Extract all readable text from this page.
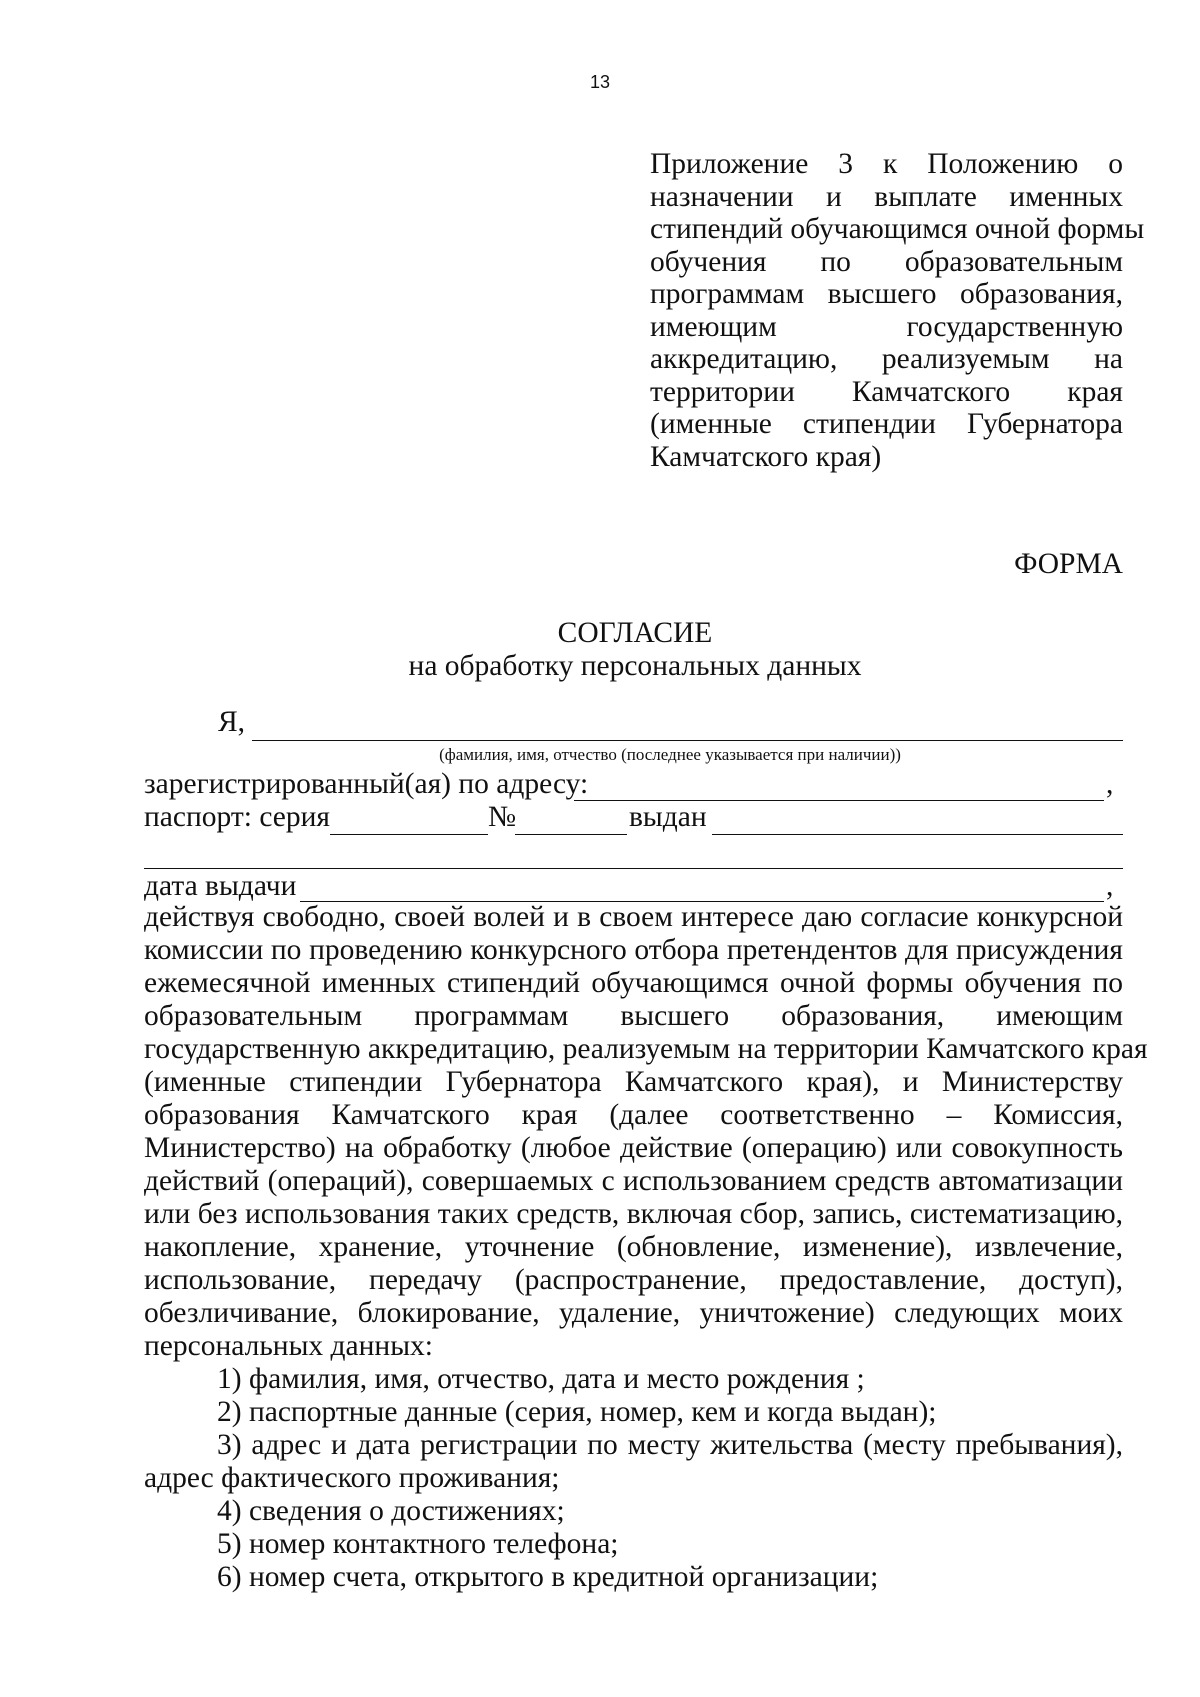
13
Приложение 3 к Положению о
назначении и выплате именных
стипендий обучающимся очной формы
обучения по образовательным
программам высшего образования,
имеющим государственную
аккредитацию, реализуемым на
территории Камчатского края
(именные стипендии Губернатора
Камчатского края)
ФОРМА
СОГЛАСИЕ
на обработку персональных данных
Я,
(фамилия, имя, отчество (последнее указывается при наличии))
зарегистрированный(ая) по адресу:	,
паспорт: серия	№	выдан
дата выдачи	,
действуя свободно, своей волей и в своем интересе даю согласие конкурсной
комиссии по проведению конкурсного отбора претендентов для присуждения
ежемесячной именных стипендий обучающимся очной формы обучения по
образовательным программам высшего образования, имеющим
государственную аккредитацию, реализуемым на территории Камчатского края
(именные стипендии Губернатора Камчатского края), и Министерству
образования Камчатского края (далее соответственно – Комиссия,
Министерство) на обработку (любое действие (операцию) или совокупность
действий (операций), совершаемых с использованием средств автоматизации
или без использования таких средств, включая сбор, запись, систематизацию,
накопление, хранение, уточнение (обновление, изменение), извлечение,
использование, передачу (распространение, предоставление, доступ),
обезличивание, блокирование, удаление, уничтожение) следующих моих
персональных данных:
1) фамилия, имя, отчество, дата и место рождения ;
2) паспортные данные (серия, номер, кем и когда выдан);
3) адрес и дата регистрации по месту жительства (месту пребывания),
адрес фактического проживания;
4) сведения о достижениях;
5) номер контактного телефона;
6) номер счета, открытого в кредитной организации;
